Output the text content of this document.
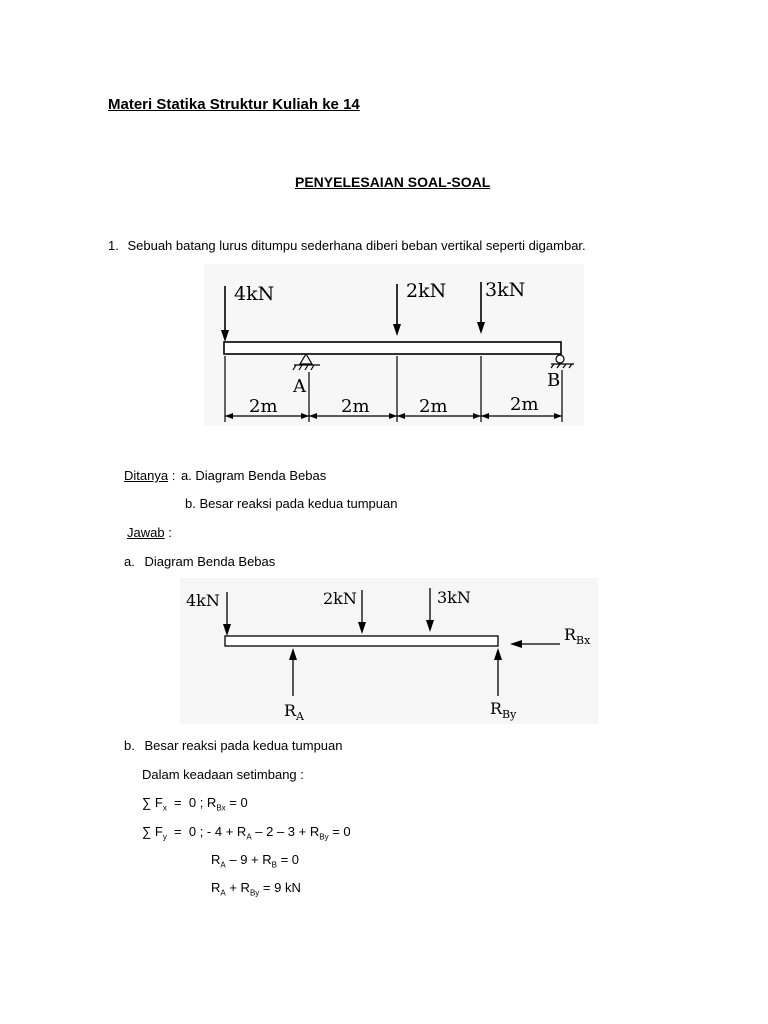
Materi Statika Struktur Kuliah ke 14
PENYELESAIAN SOAL-SOAL
1. Sebuah batang lurus ditumpu sederhana diberi beban vertikal seperti digambar.
4kN	2kN 3kN
A	B
2m	2m	2m	2m
Ditanya : a. Diagram Benda Bebas
b. Besar reaksi pada kedua tumpuan
Jawab :
a. Diagram Benda Bebas
4kN	2kN	3kN
$R_A$	$R_{By}$
$R_{Bx}$
b. Besar reaksi pada kedua tumpuan
Dalam keadaan setimbang :
∑ $F_x = 0$ ; $R_{Bx} = 0$
∑ $F_y = 0$ ; - $4 + R_A - 2 - 3 + R_{By} = 0$
$R_A - 9 + R_B = 0$
$R_A + R_{By} = 9$ kN
